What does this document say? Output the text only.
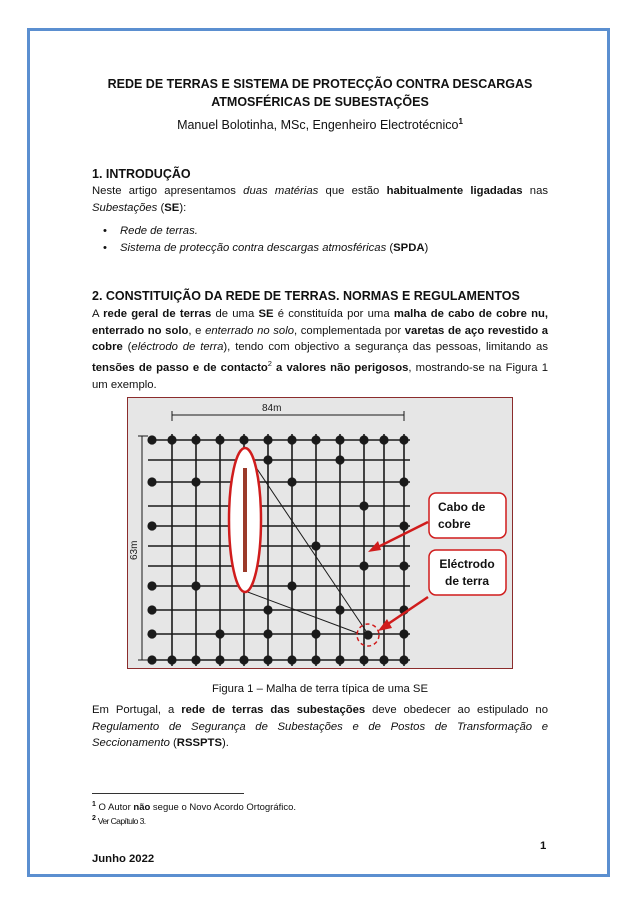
REDE DE TERRAS E SISTEMA DE PROTECÇÃO CONTRA DESCARGAS
ATMOSFÉRICAS DE SUBESTAÇÕES
Manuel Bolotinha, MSc, Engenheiro Electrotécnico$^1$
1. INTRODUÇÃO

Neste artigo apresentamos duas matérias que estão habitualmente ligadadas nas Subestações (SE):

• Rede de terras.
• Sistema de protecção contra descargas atmosféricas (SPDA)
2. CONSTITUIÇÃO DA REDE DE TERRAS. NORMAS E REGULAMENTOS

A rede geral de terras de uma SE é constituída por uma malha de cabo de cobre nu, enterrado no solo, e enterrado no solo, complementada por varetas de aço revestido a cobre (eléctrodo de terra), tendo com objectivo a segurança das pessoas, limitando as tensões de passo e de contacto$^2$ a valores não perigosos, mostrando-se na Figura 1 um exemplo.

84m
63m
Cabo de
cobre
Eléctrodo
de terra
Figura 1 – Malha de terra típica de uma SE

Em Portugal, a rede de terras das subestações deve obedecer ao estipulado no Regulamento de Segurança de Subestações e de Postos de Transformação e Seccionamento (RSSPTS).

$^1$ O Autor não segue o Novo Acordo Ortográfico.
$^2$ Ver Capítulo 3.
1
Junho 2022
